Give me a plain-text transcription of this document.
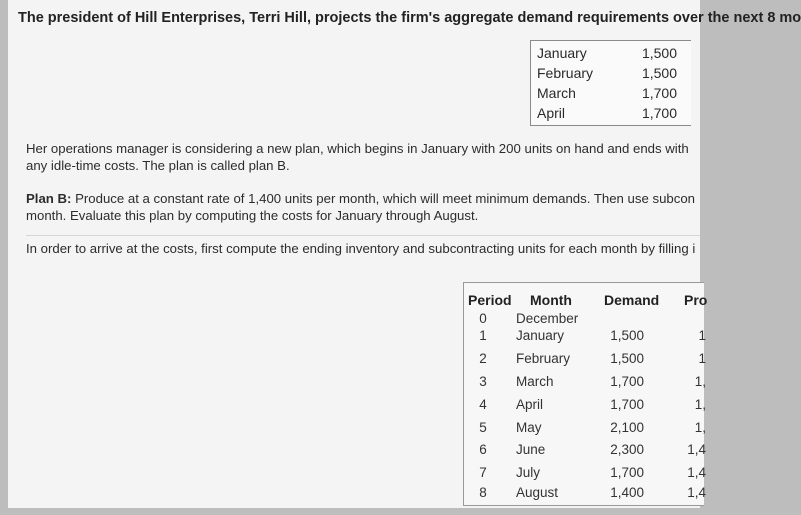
The president of Hill Enterprises, Terri Hill, projects the firm's aggregate demand requirements over the next 8 mo
January	1,500
February	1,500
March	1,700
April	1,700
Her operations manager is considering a new plan, which begins in January with 200 units on hand and ends with
any idle-time costs. The plan is called plan B.
Plan B: Produce at a constant rate of 1,400 units per month, which will meet minimum demands. Then use subcon
month. Evaluate this plan by computing the costs for January through August.
In order to arrive at the costs, first compute the ending inventory and subcontracting units for each month by filling i
Period Month Demand Pro
0	December
1	January	1,500	1
2	February	1,500	1
3	March	1,700	1,
4	April	1,700	1,
5	May	2,100	1,
6	June	2,300	1,4
7	July	1,700	1,4
8	August	1,400	1,4
